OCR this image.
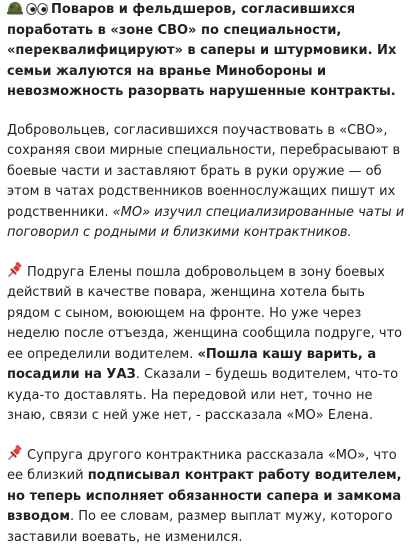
Поваров и фельдшеров, согласившихся поработать в «зоне СВО» по специальности, «переквалифицируют» в саперы и штурмовики. Их семьи жалуются на вранье Минобороны и невозможность разорвать нарушенные контракты.

Добровольцев, согласившихся поучаствовать в «СВО», сохраняя свои мирные специальности, перебрасывают в боевые части и заставляют брать в руки оружие — об этом в чатах родственников военнослужащих пишут их родственники. «МО» изучил специализированные чаты и поговорил с родными и близкими контрактников.

Подруга Елены пошла добровольцем в зону боевых действий в качестве повара, женщина хотела быть рядом с сыном, воюющем на фронте. Но уже через неделю после отъезда, женщина сообщила подруге, что ее определили водителем. «Пошла кашу варить, а посадили на УАЗ. Сказали – будешь водителем, что-то куда-то доставлять. На передовой или нет, точно не знаю, связи с ней уже нет, - рассказала «МО» Елена.

Супруга другого контрактника рассказала «МО», что ее близкий подписывал контракт работу водителем, но теперь исполняет обязанности сапера и замкома взводом. По ее словам, размер выплат мужу, которого заставили воевать, не изменился.
